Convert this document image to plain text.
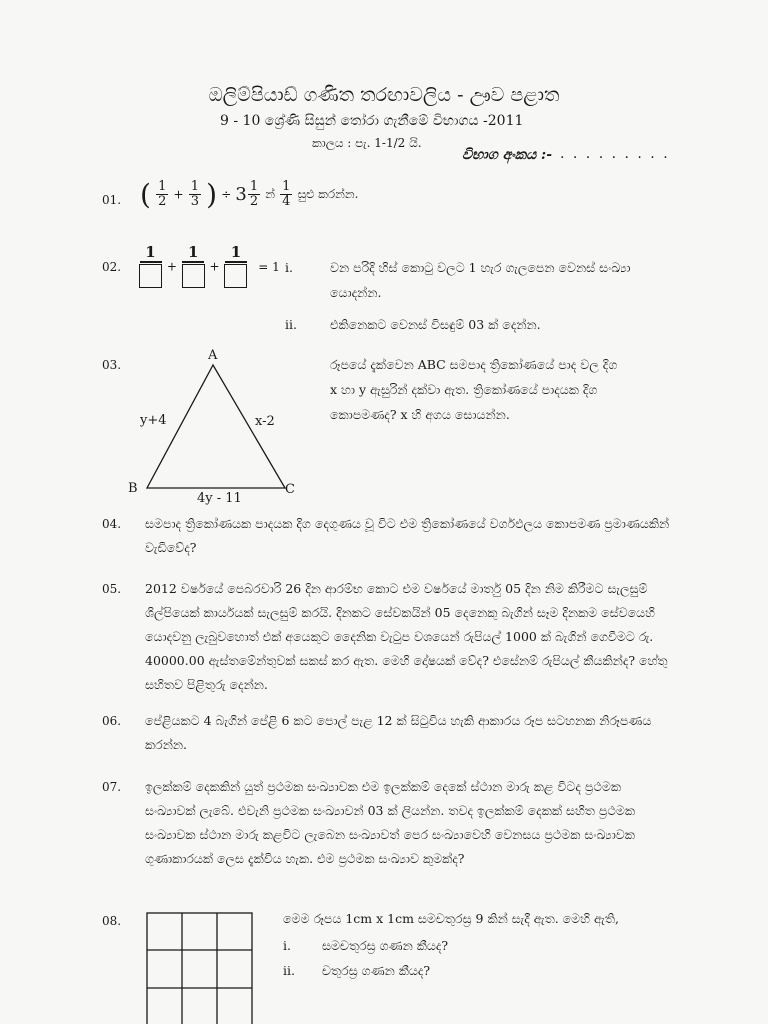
ඔලිම්පියාඩ් ගණිත තරඟාවලිය - ඌව පළාත
9 - 10 ශ්‍රේණි සිසුන් තෝරා ගැනීමේ විභාගය -2011
කාලය : පැ. 1-1/2 යි.
විභාග අංකය :- . . . . . . . . .
01. ( $\frac{1}{2} + \frac{1}{3}$ ) ÷ $3 \frac{1}{2}$ න් $\frac{1}{4}$ සුළු කරන්න.
02.
1
+
1
+
1
= 1 i.	වන පරිදි හිස් කොටු වලට 1 හැර ගැලපෙන වෙනස් සංඛ්‍යා
යොදන්න.
ii.	එකිනෙකට වෙනස් විසඳුම් 03 ක් දෙන්න.
03.
A
B	C
y+4	x-2
4y - 11
රූපයේ දැක්වෙන ABC සමපාද ත්‍රිකෝණයේ පාද වල දිග
x හා y ඇසුරින් දක්වා ඇත. ත්‍රිකෝණයේ පාදයක දිග
කොපමණද? x හි අගය සොයන්න.
04. සමපාද ත්‍රිකෝණයක පාදයක දිග දෙගුණය වූ විට එම ත්‍රිකෝණයේ වර්ගඵලය කොපමණ ප්‍රමාණයකින් වැඩිවේද?
05. 2012 වර්ෂයේ පෙබරවාරි 26 දින ආරම්භ කොට එම වර්ෂයේ මාර්තු 05 දින නිම කිරීමට සැලසුම් ශිල්පියෙක් කාර්යයක් සැලසුම් කරයි. දිනකට සේවකයින් 05 දෙනෙකු බැගින් සෑම දිනකම සේවයෙහි යොදවනු ලැබුවහොත් එක් අයෙකුට දෛනික වැටුප වශයෙන් රුපියල් 1000 ක් බැගින් ගෙවීමට රු. 40000.00 ඇස්තමේන්තුවක් සකස් කර ඇත. මෙහි දෝෂයක් වේද? එසේනම් රුපියල් කීයකින්ද? හේතු සහිතව පිළිතුරු දෙන්න.
06. පේළියකට 4 බැගින් පේළි 6 කට පොල් පැළ 12 ක් සිටුවිය හැකි ආකාරය රූප සටහනක නිරූපණය කරන්න.
07. ඉලක්කම් දෙකකින් යුත් ප්‍රථමක සංඛ්‍යාවක එම ඉලක්කම් දෙකේ ස්ථාන මාරු කළ විටද ප්‍රථමක සංඛ්‍යාවක් ලැබේ. එවැනි ප්‍රථමක සංඛ්‍යාවන් 03 ක් ලියන්න. තවද ඉලක්කම් දෙකක් සහිත ප්‍රථමක සංඛ්‍යාවක ස්ථාන මාරු කළවිට ලැබෙන සංඛ්‍යාවත් පෙර සංඛ්‍යාවෙහි වෙනසය ප්‍රථමක සංඛ්‍යාවක ගුණාකාරයක් ලෙස දැක්විය හැක. එම ප්‍රථමක සංඛ්‍යාව කුමක්ද?
08.	මෙම රූපය 1cm x 1cm සමචතුරස්‍ර 9 කින් සැදී ඇත. මෙහි ඇති,
i. සමචතුරස්‍ර ගණන කීයද?
ii. චතුරස්‍ර ගණන කීයද?
